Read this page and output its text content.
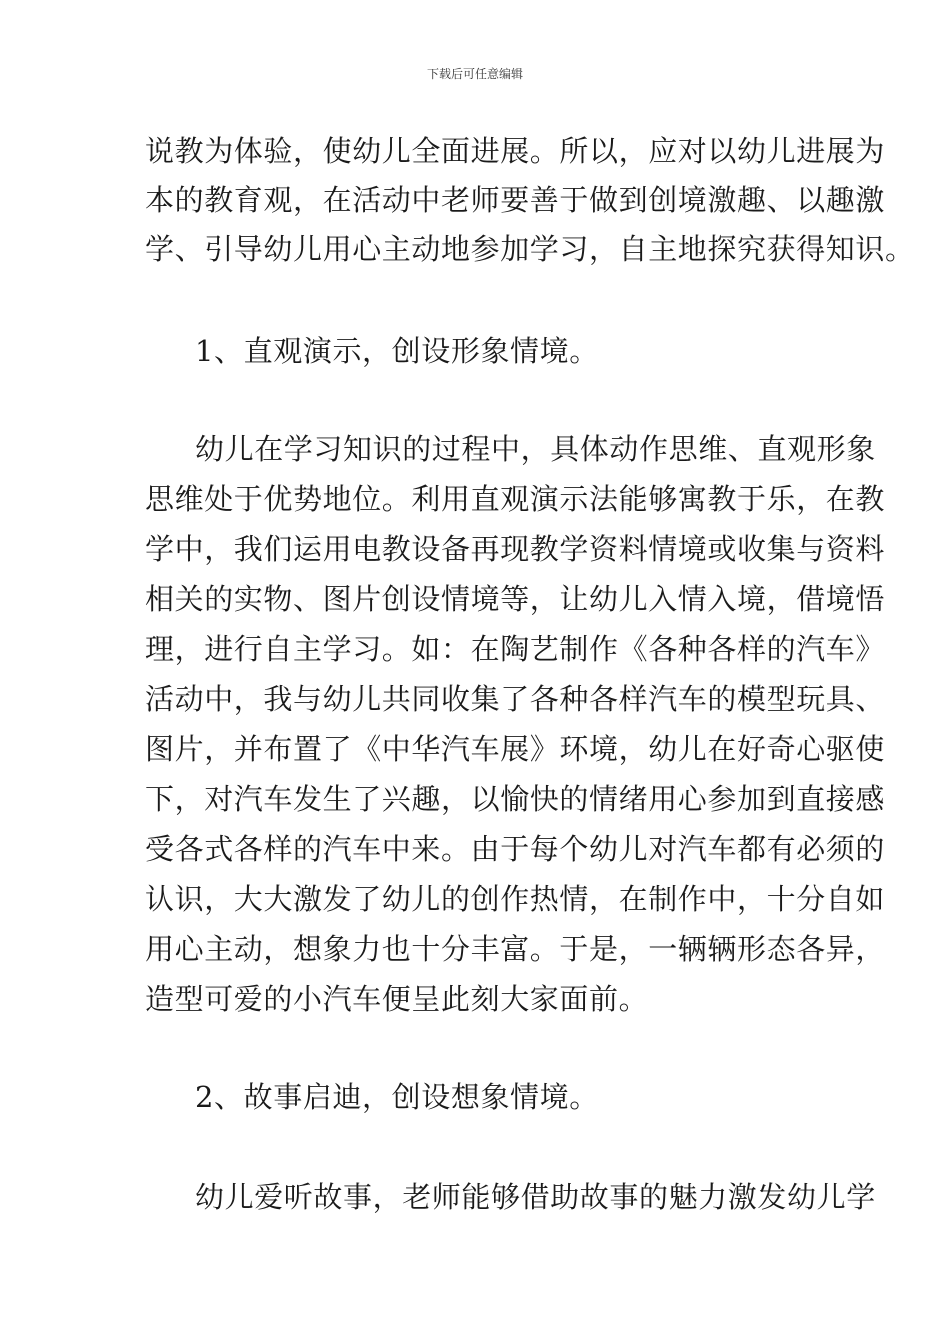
下载后可任意编辑
说教为体验，使幼儿全面进展。所以，应对以幼儿进展为
本的教育观，在活动中老师要善于做到创境激趣、以趣激
学、引导幼儿用心主动地参加学习，自主地探究获得知识。
1、直观演示，创设形象情境。
幼儿在学习知识的过程中，具体动作思维、直观形象
思维处于优势地位。利用直观演示法能够寓教于乐，在教
学中，我们运用电教设备再现教学资料情境或收集与资料
相关的实物、图片创设情境等，让幼儿入情入境，借境悟
理，进行自主学习。如：在陶艺制作《各种各样的汽车》
活动中，我与幼儿共同收集了各种各样汽车的模型玩具、
图片，并布置了《中华汽车展》环境，幼儿在好奇心驱使
下，对汽车发生了兴趣，以愉快的情绪用心参加到直接感
受各式各样的汽车中来。由于每个幼儿对汽车都有必须的
认识，大大激发了幼儿的创作热情，在制作中，十分自如
用心主动，想象力也十分丰富。于是，一辆辆形态各异，
造型可爱的小汽车便呈此刻大家面前。
2、故事启迪，创设想象情境。
幼儿爱听故事，老师能够借助故事的魅力激发幼儿学
